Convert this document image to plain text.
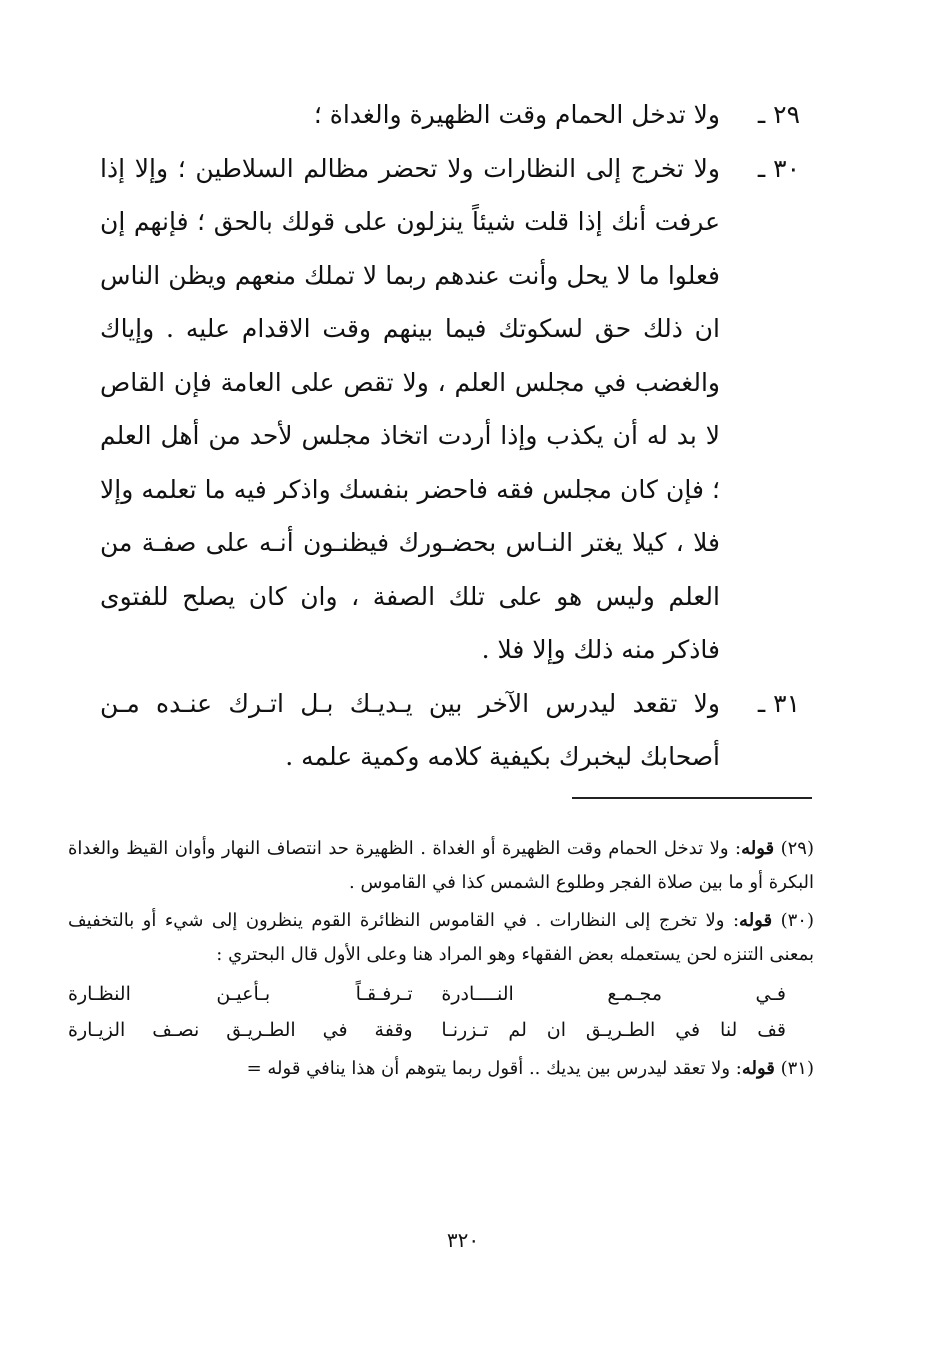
٢٩ ـ
ولا تدخل الحمام وقت الظهيرة والغداة ؛

٣٠ ـ
ولا تخرج إلى النظارات ولا تحضر مظالم السلاطين ؛ وإلا إذا عرفت أنك إذا قلت شيئاً ينزلون على قولك بالحق ؛ فإنهم إن فعلوا ما لا يحل وأنت عندهم ربما لا تملك منعهم ويظن الناس ان ذلك حق لسكوتك فيما بينهم وقت الاقدام عليه . وإياك والغضب في مجلس العلم ، ولا تقص على العامة فإن القاص لا بد له أن يكذب وإذا أردت اتخاذ مجلس لأحد من أهل العلم ؛ فإن كان مجلس فقه فاحضر بنفسك واذكر فيه ما تعلمه وإلا فلا ، كيلا يغتر النـاس بحضـورك فيظنـون أنـه على صفـة من العلم وليس هو على تلك الصفة ، وان كان يصلح للفتوى فاذكر منه ذلك وإلا فلا .

٣١ ـ
ولا تقعد ليدرس الآخر بين يـديـك بـل اتـرك عنـده مـن أصحابك ليخبرك بكيفية كلامه وكمية علمه .

(٢٩) قوله: ولا تدخل الحمام وقت الظهيرة أو الغداة . الظهيرة حد انتصاف النهار وأوان القيظ والغداة البكرة أو ما بين صلاة الفجر وطلوع الشمس كذا في القاموس .

(٣٠) قوله: ولا تخرج إلى النظارات . في القاموس النظائرة القوم ينظرون إلى شيء أو بالتخفيف بمعنى التنزه لحن يستعمله بعض الفقهاء وهو المراد هنا وعلى الأول قال البحتري :

فـي مجـمـع النــــادرة
تـرفـقـاً بـأعيـن النظـارة
قف لنا في الطـريـق ان لم تـزرنـا
وقفة في الطـريـق نصـف الزيـارة

(٣١) قوله: ولا تعقد ليدرس بين يديك .. أقول ربما يتوهم أن هذا ينافي قوله =

٣٢٠
